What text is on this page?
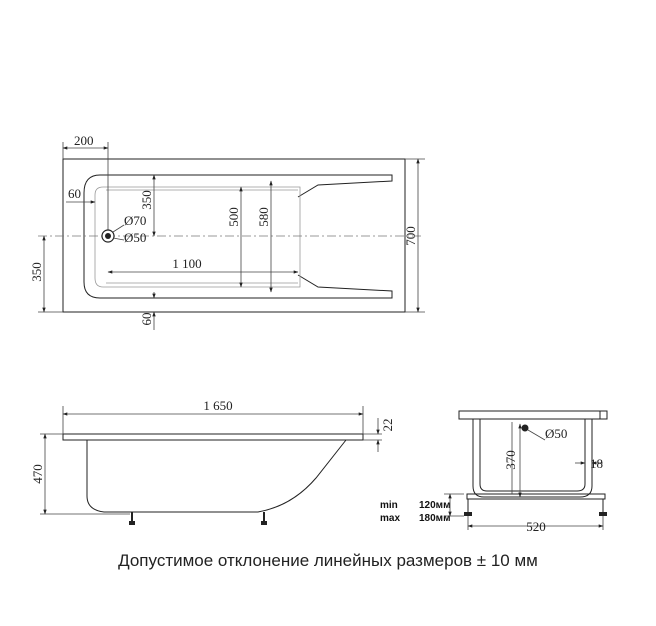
200
60	350
500 580
1 100
Ø70
Ø50
350
60
700
1 650
470
22
Ø50
370	18
520
min 120мм
max 180мм
Допустимое отклонение линейных размеров ± 10 мм
